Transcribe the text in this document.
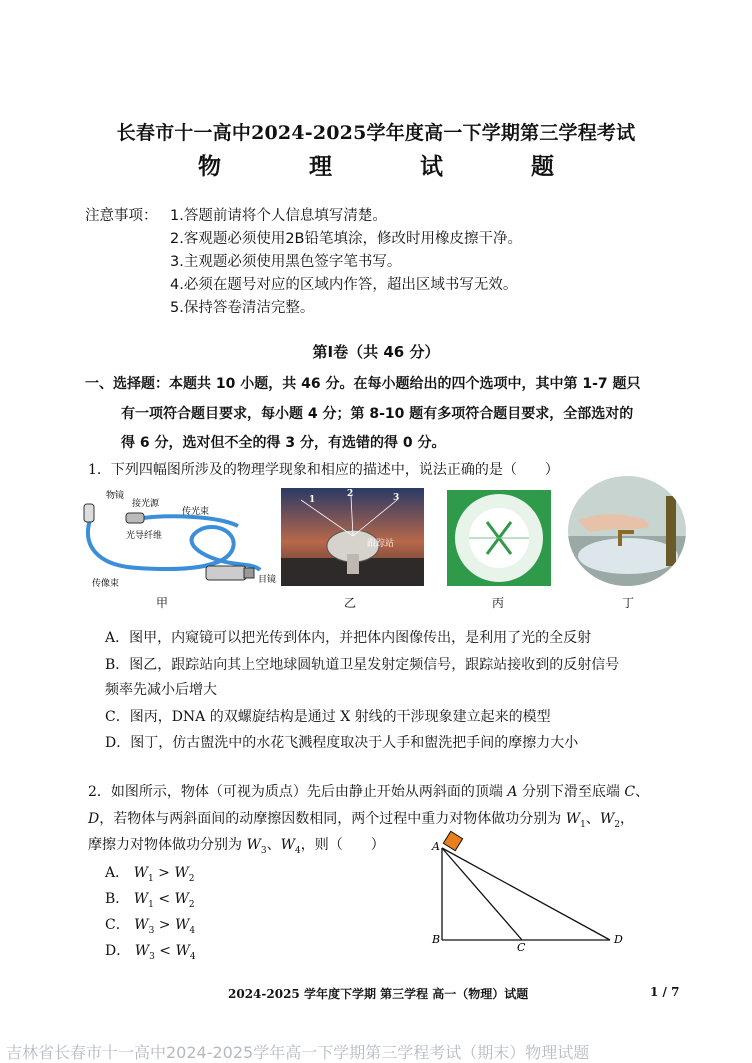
长春市十一高中2024-2025学年度高一下学期第三学程考试
物 理 试 题
注意事项： 1.答题前请将个人信息填写清楚。
2.客观题必须使用2B铅笔填涂，修改时用橡皮擦干净。
3.主观题必须使用黑色签字笔书写。
4.必须在题号对应的区域内作答，超出区域书写无效。
5.保持答卷清洁完整。
第Ⅰ卷（共 46 分）
一、选择题：本题共 10 小题，共 46 分。在每小题给出的四个选项中，其中第 1-7 题只
有一项符合题目要求，每小题 4 分；第 8-10 题有多项符合题目要求，全部选对的
得 6 分，选对但不全的得 3 分，有选错的得 0 分。
1．下列四幅图所涉及的物理学现象和相应的描述中，说法正确的是（　　）
物镜
接光源
传光束
光导纤维
传像束	目镜
甲
1
2	3
跟踪站
乙	丙	丁
A．图甲，内窥镜可以把光传到体内，并把体内图像传出，是利用了光的全反射
B．图乙，跟踪站向其上空地球圆轨道卫星发射定频信号，跟踪站接收到的反射信号
频率先减小后增大
C．图丙，DNA 的双螺旋结构是通过 X 射线的干涉现象建立起来的模型
D．图丁，仿古盥洗中的水花飞溅程度取决于人手和盥洗把手间的摩擦力大小
2．如图所示，物体（可视为质点）先后由静止开始从两斜面的顶端 A 分别下滑至底端 C、
D，若物体与两斜面间的动摩擦因数相同，两个过程中重力对物体做功分别为 $W_1$、$W_2$，
摩擦力对物体做功分别为 $W_3$、$W_4$，则（　　）
A． $W_1 > W_2$
B． $W_1 < W_2$
C． $W_3 > W_4$
D． $W_3 < W_4$
A
B
C
D
2024-2025 学年度下学期 第三学程 高一（物理）试题	1 / 7
吉林省长春市十一高中2024-2025学年高一下学期第三学程考试（期末）物理试题
